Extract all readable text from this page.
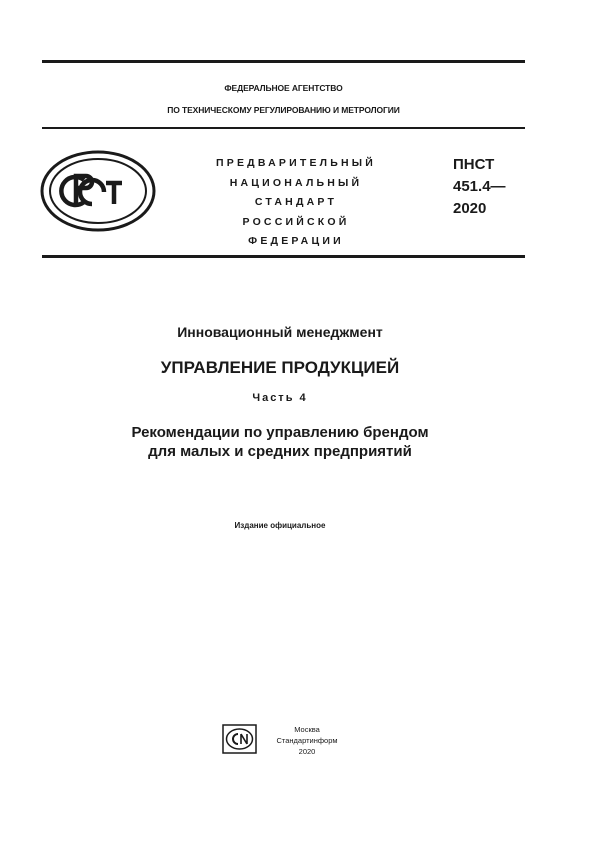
ФЕДЕРАЛЬНОЕ АГЕНТСТВО
ПО ТЕХНИЧЕСКОМУ РЕГУЛИРОВАНИЮ И МЕТРОЛОГИИ
РСТ
ПРЕДВАРИТЕЛЬНЫЙ
НАЦИОНАЛЬНЫЙ
СТАНДАРТ
РОССИЙСКОЙ
ФЕДЕРАЦИИ
ПНСТ
451.4—
2020
Инновационный менеджмент
УПРАВЛЕНИЕ ПРОДУКЦИЕЙ
Часть 4
Рекомендации по управлению брендом
для малых и средних предприятий
Издание официальное
Москва
Стандартинформ
2020
